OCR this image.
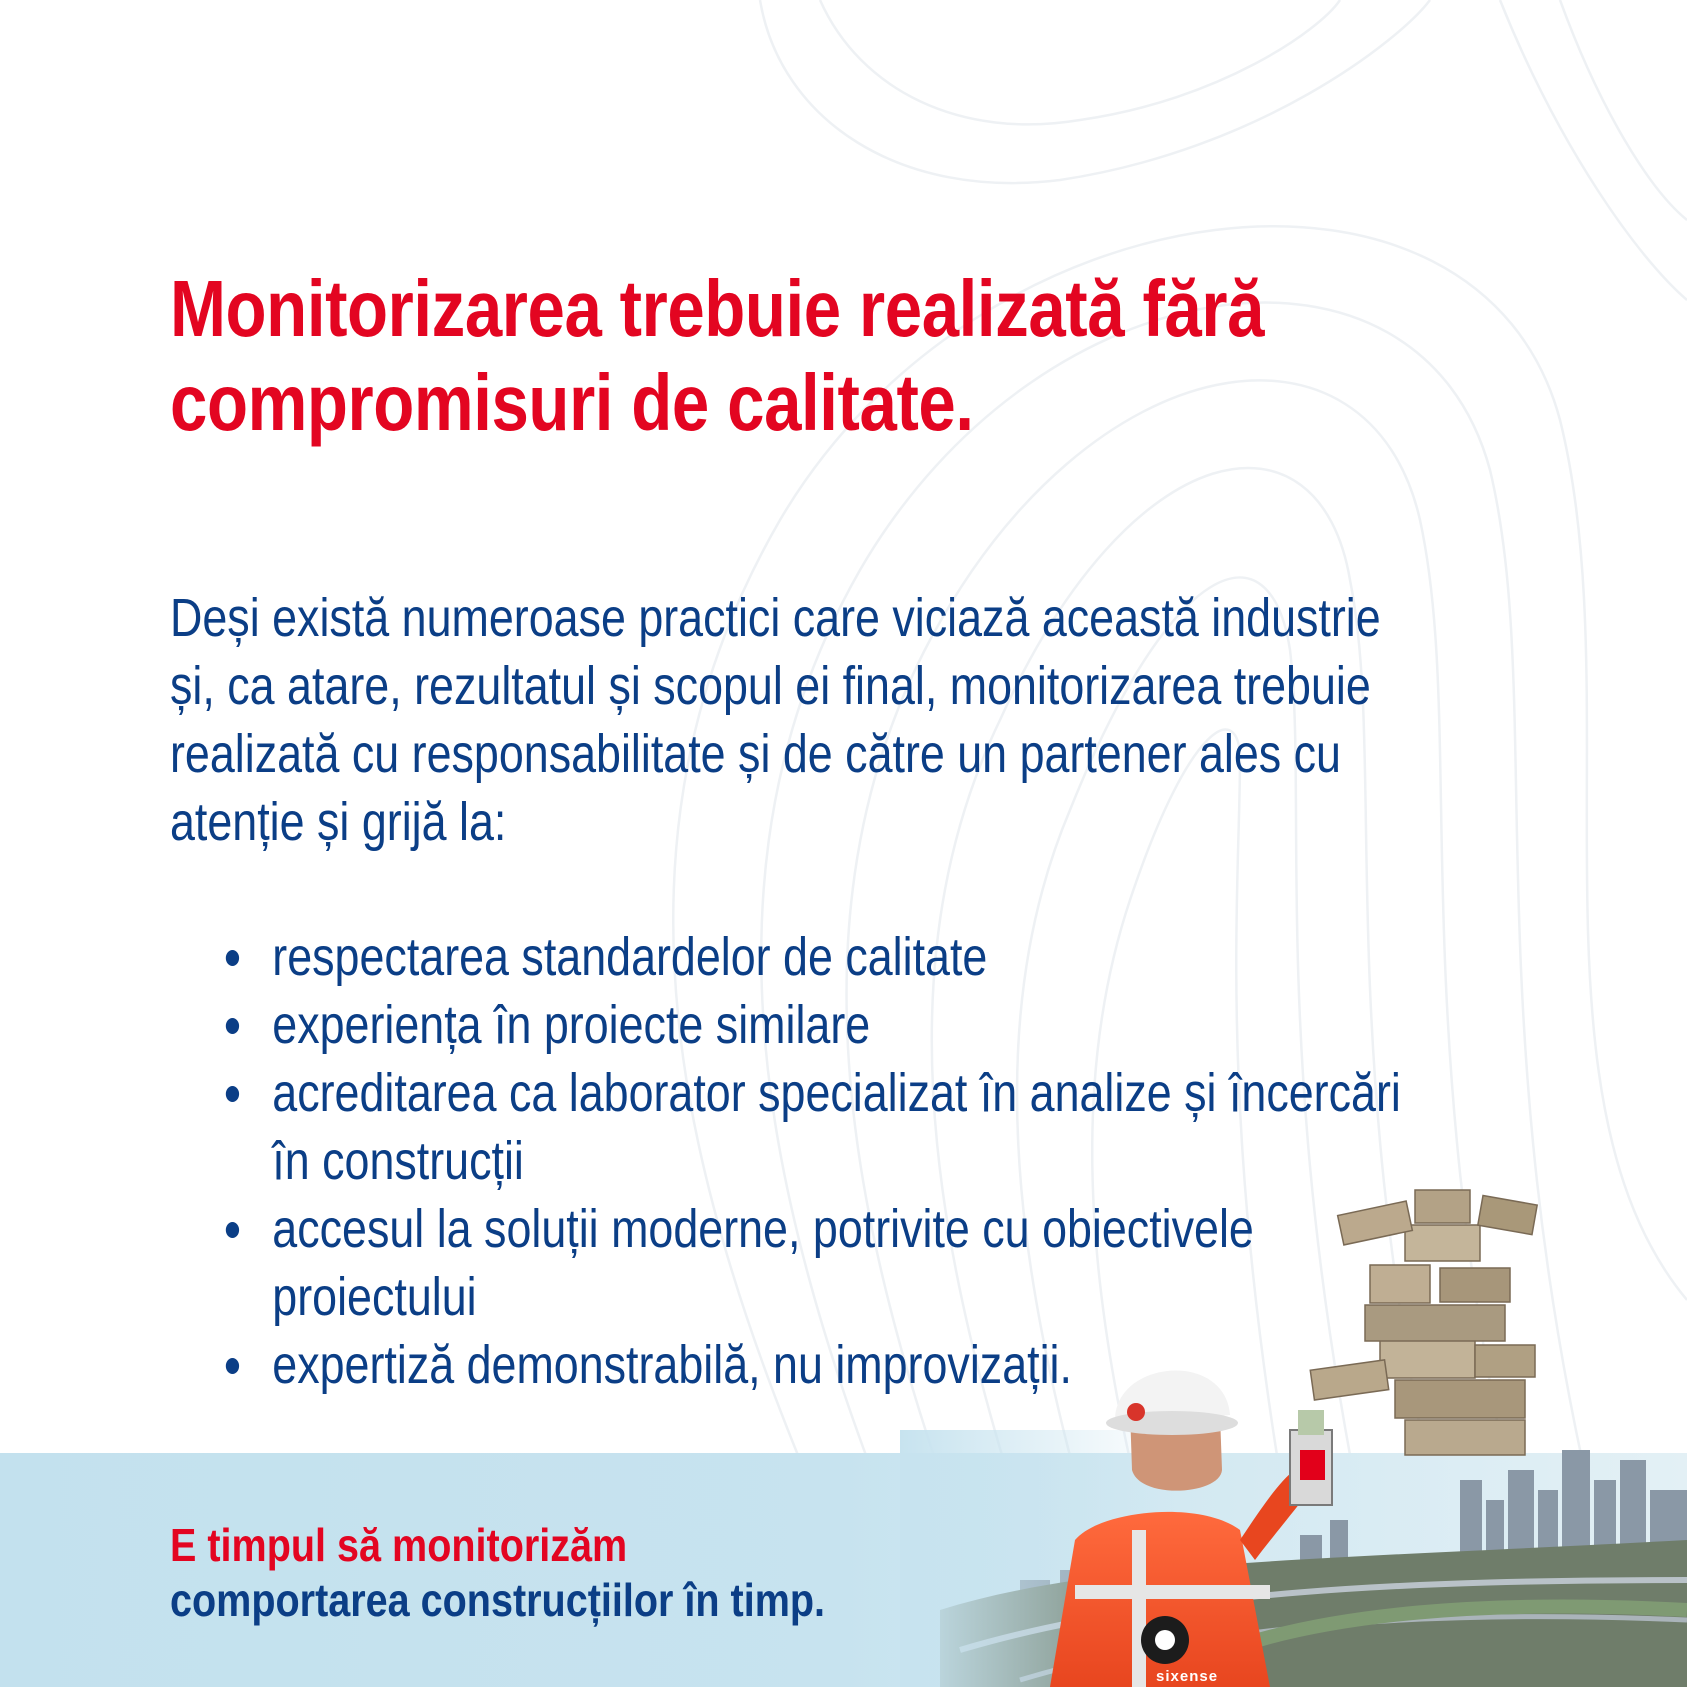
Monitorizarea trebuie realizată fără
compromisuri de calitate.

Deși există numeroase practici care viciază această industrie
și, ca atare, rezultatul și scopul ei final, monitorizarea trebuie
realizată cu responsabilitate și de către un partener ales cu
atenție și grijă la:

respectarea standardelor de calitate
experiența în proiecte similare
acreditarea ca laborator specializat în analize și încercări
în construcții
accesul la soluții moderne, potrivite cu obiectivele
proiectului
expertiză demonstrabilă, nu improvizații.

E timpul să monitorizăm

comportarea construcțiilor în timp.

sixense
